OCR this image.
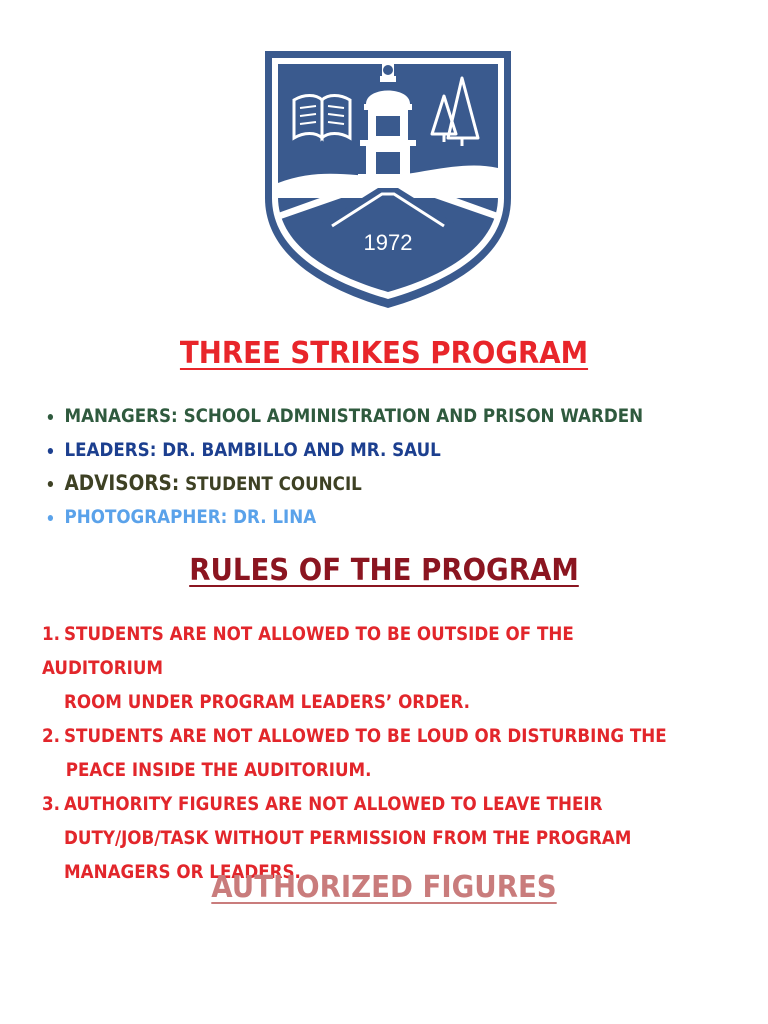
1972
THREE STRIKES PROGRAM
MANAGERS: SCHOOL ADMINISTRATION AND PRISON WARDEN
LEADERS: DR. BAMBILLO AND MR. SAUL
ADVISORS: STUDENT COUNCIL
PHOTOGRAPHER: DR. LINA
RULES OF THE PROGRAM
1. STUDENTS ARE NOT ALLOWED TO BE OUTSIDE OF THE AUDITORIUM
ROOM UNDER PROGRAM LEADERS’ ORDER.
2. STUDENTS ARE NOT ALLOWED TO BE LOUD OR DISTURBING THE
PEACE INSIDE THE AUDITORIUM.
3. AUTHORITY FIGURES ARE NOT ALLOWED TO LEAVE THEIR
DUTY/JOB/TASK WITHOUT PERMISSION FROM THE PROGRAM
MANAGERS OR LEADERS.
AUTHORIZED FIGURES
